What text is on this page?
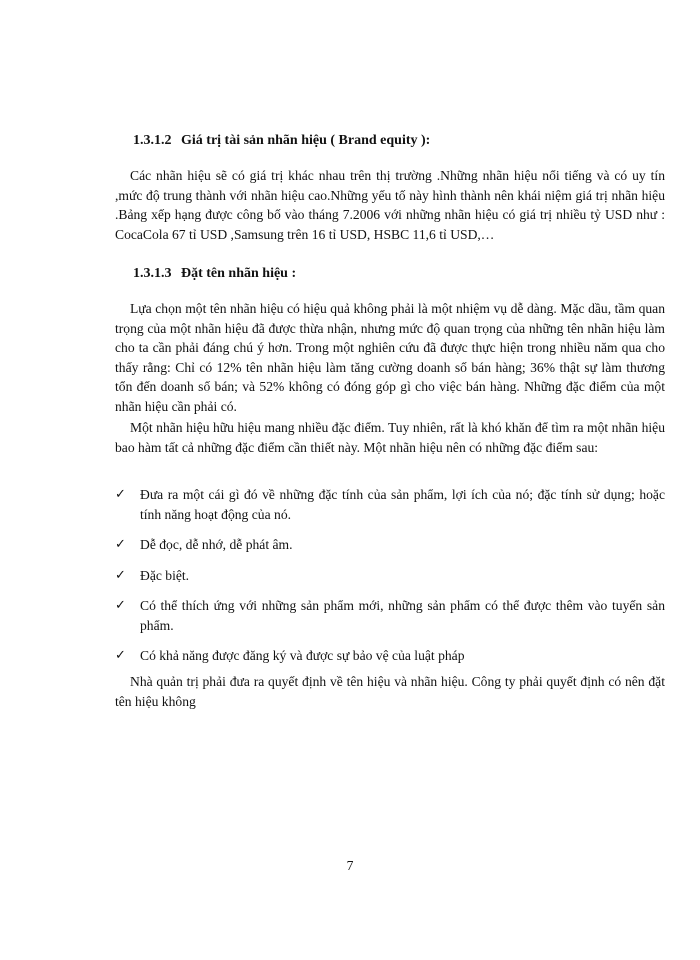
1.3.1.2 Giá trị tài sản nhãn hiệu ( Brand equity ):

Các nhãn hiệu sẽ có giá trị khác nhau trên thị trường .Những nhãn hiệu nổi tiếng và có uy tín ,mức độ trung thành với nhãn hiệu cao.Những yếu tố này hình thành nên khái niệm giá trị nhãn hiệu .Bảng xếp hạng được công bố vào tháng 7.2006 với những nhãn hiệu có giá trị nhiều tỷ USD như : CocaCola 67 tỉ USD ,Samsung trên 16 tỉ USD, HSBC 11,6 tỉ USD,…

1.3.1.3 Đặt tên nhãn hiệu :

Lựa chọn một tên nhãn hiệu có hiệu quả không phải là một nhiệm vụ dễ dàng. Mặc dầu, tầm quan trọng của một nhãn hiệu đã được thừa nhận, nhưng mức độ quan trọng của những tên nhãn hiệu làm cho ta cần phải đáng chú ý hơn. Trong một nghiên cứu đã được thực hiện trong nhiều năm qua cho thấy rằng: Chỉ có 12% tên nhãn hiệu làm tăng cường doanh số bán hàng; 36% thật sự làm thương tổn đến doanh số bán; và 52% không có đóng góp gì cho việc bán hàng. Những đặc điểm của một nhãn hiệu cần phải có.

Một nhãn hiệu hữu hiệu mang nhiều đặc điểm. Tuy nhiên, rất là khó khăn để tìm ra một nhãn hiệu bao hàm tất cả những đặc điểm cần thiết này. Một nhãn hiệu nên có những đặc điểm sau:

✓ Đưa ra một cái gì đó về những đặc tính của sản phẩm, lợi ích của nó; đặc tính sử dụng; hoặc tính năng hoạt động của nó.
✓ Dễ đọc, dễ nhớ, dễ phát âm.
✓ Đặc biệt.
✓ Có thể thích ứng với những sản phẩm mới, những sản phẩm có thể được thêm vào tuyến sản phẩm.
✓ Có khả năng được đăng ký và được sự bảo vệ của luật pháp

Nhà quản trị phải đưa ra quyết định về tên hiệu và nhãn hiệu. Công ty phải quyết định có nên đặt tên hiệu không

7
